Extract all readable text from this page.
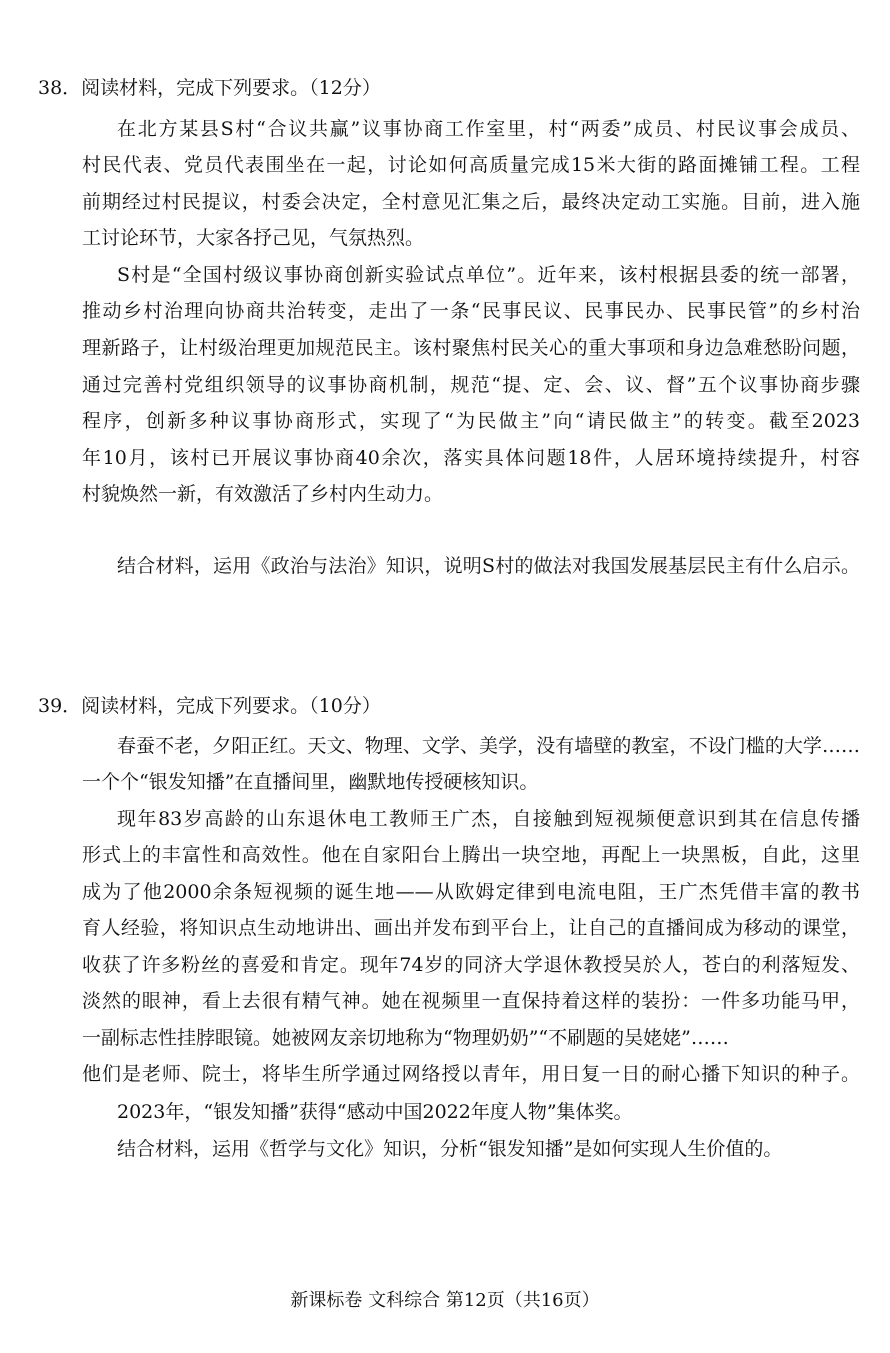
38．阅读材料，完成下列要求。（12分）
在北方某县S村“合议共赢”议事协商工作室里，村“两委”成员、村民议事会成员、
村民代表、党员代表围坐在一起，讨论如何高质量完成15米大街的路面摊铺工程。工程
前期经过村民提议，村委会决定，全村意见汇集之后，最终决定动工实施。目前，进入施
工讨论环节，大家各抒己见，气氛热烈。
S村是“全国村级议事协商创新实验试点单位”。近年来，该村根据县委的统一部署，
推动乡村治理向协商共治转变，走出了一条“民事民议、民事民办、民事民管”的乡村治
理新路子，让村级治理更加规范民主。该村聚焦村民关心的重大事项和身边急难愁盼问题，
通过完善村党组织领导的议事协商机制，规范“提、定、会、议、督”五个议事协商步骤
程序，创新多种议事协商形式，实现了“为民做主”向“请民做主”的转变。截至2023
年10月，该村已开展议事协商40余次，落实具体问题18件，人居环境持续提升，村容
村貌焕然一新，有效激活了乡村内生动力。
结合材料，运用《政治与法治》知识，说明S村的做法对我国发展基层民主有什么启示。
39．阅读材料，完成下列要求。（10分）
春蚕不老，夕阳正红。天文、物理、文学、美学，没有墙壁的教室，不设门槛的大学……
一个个“银发知播”在直播间里，幽默地传授硬核知识。
现年83岁高龄的山东退休电工教师王广杰，自接触到短视频便意识到其在信息传播
形式上的丰富性和高效性。他在自家阳台上腾出一块空地，再配上一块黑板，自此，这里
成为了他2000余条短视频的诞生地——从欧姆定律到电流电阻，王广杰凭借丰富的教书
育人经验，将知识点生动地讲出、画出并发布到平台上，让自己的直播间成为移动的课堂，
收获了许多粉丝的喜爱和肯定。现年74岁的同济大学退休教授吴於人，苍白的利落短发、
淡然的眼神，看上去很有精气神。她在视频里一直保持着这样的装扮：一件多功能马甲，
一副标志性挂脖眼镜。她被网友亲切地称为“物理奶奶”“不刷题的吴姥姥”……
他们是老师、院士，将毕生所学通过网络授以青年，用日复一日的耐心播下知识的种子。
2023年，“银发知播”获得“感动中国2022年度人物”集体奖。
结合材料，运用《哲学与文化》知识，分析“银发知播”是如何实现人生价值的。
新课标卷 文科综合 第12页（共16页）
